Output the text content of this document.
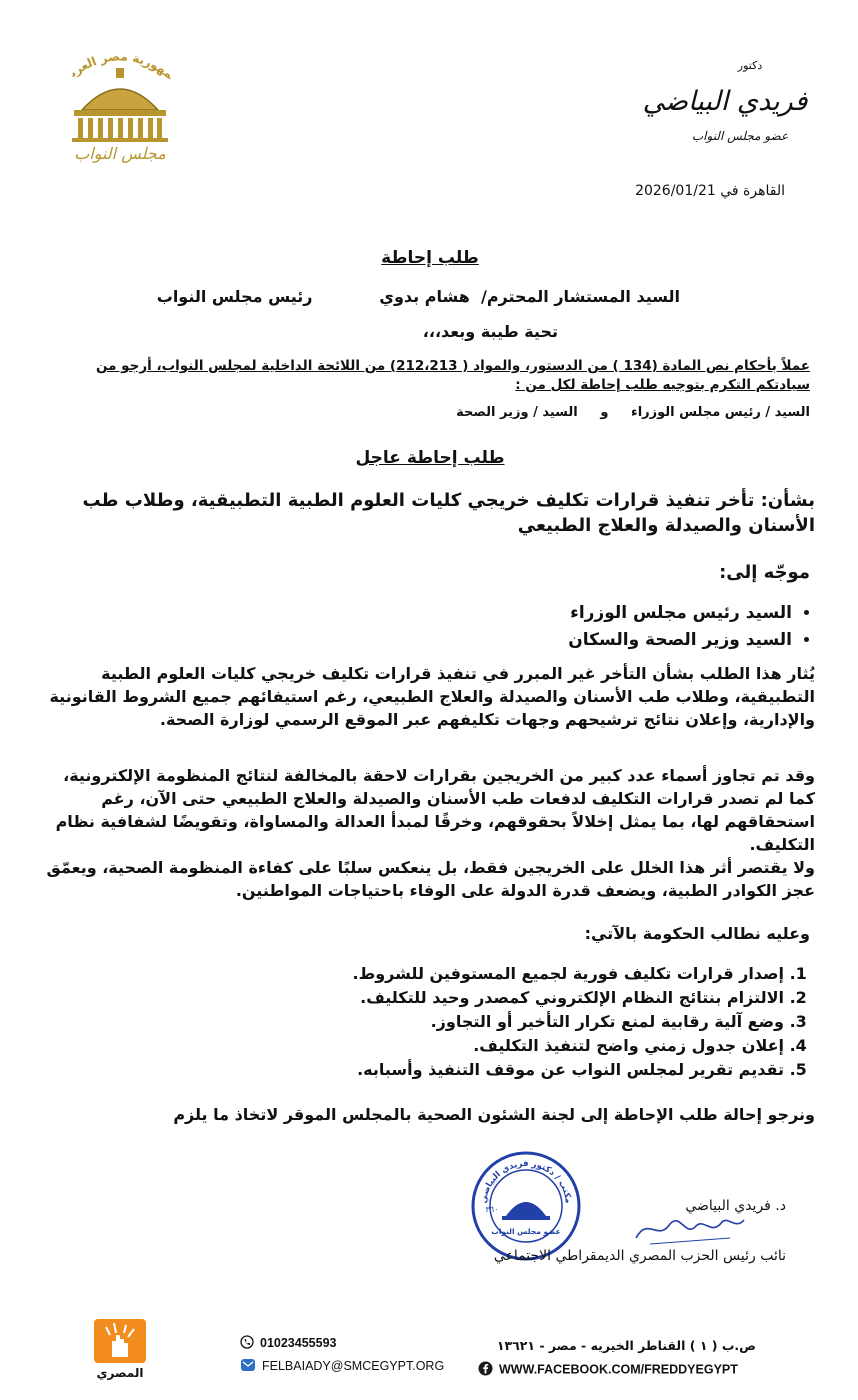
مهورية مصر العرب
مجلس النواب
دكتور
فريدي البياضي
عضو مجلس النواب
القاهرة في 2026/01/21
طلب إحاطة
السيد المستشار المحترم/  هشام بدوي            رئيس مجلس النواب
تحية طيبة وبعد،،،
عملاً بأحكام نص المادة (134 ) من الدستور، والمواد ( 212،213) من اللائحة الداخلية لمجلس النواب، أرجو من سيادتكم التكرم بتوجيه طلب إحاطة لكل من :
السيد / رئيس مجلس الوزراء     و     السيد / وزير الصحة
طلب إحاطة عاجل
بشأن: تأخر تنفيذ قرارات تكليف خريجي كليات العلوم الطبية التطبيقية، وطلاب طب الأسنان والصيدلة والعلاج الطبيعي
موجّه إلى:
• السيد رئيس مجلس الوزراء
• السيد وزير الصحة والسكان
يُثار هذا الطلب بشأن التأخر غير المبرر في تنفيذ قرارات تكليف خريجي كليات العلوم الطبية التطبيقية، وطلاب طب الأسنان والصيدلة والعلاج الطبيعي، رغم استيفائهم جميع الشروط القانونية والإدارية، وإعلان نتائج ترشيحهم وجهات تكليفهم عبر الموقع الرسمي لوزارة الصحة.
وقد تم تجاوز أسماء عدد كبير من الخريجين بقرارات لاحقة بالمخالفة لنتائج المنظومة الإلكترونية، كما لم تصدر قرارات التكليف لدفعات طب الأسنان والصيدلة والعلاج الطبيعي حتى الآن، رغم استحقاقهم لها، بما يمثل إخلالاً بحقوقهم، وخرقًا لمبدأ العدالة والمساواة، وتقويضًا لشفافية نظام التكليف.
ولا يقتصر أثر هذا الخلل على الخريجين فقط، بل ينعكس سلبًا على كفاءة المنظومة الصحية، ويعمّق عجز الكوادر الطبية، ويضعف قدرة الدولة على الوفاء باحتياجات المواطنين.
وعليه نطالب الحكومة بالآتي:
1. إصدار قرارات تكليف فورية لجميع المستوفين للشروط.
2. الالتزام بنتائج النظام الإلكتروني كمصدر وحيد للتكليف.
3. وضع آلية رقابية لمنع تكرار التأخير أو التجاوز.
4. إعلان جدول زمني واضح لتنفيذ التكليف.
5. تقديم تقرير لمجلس النواب عن موقف التنفيذ وأسبابه.
ونرجو إحالة طلب الإحاطة إلى لجنة الشئون الصحية بالمجلس الموقر لاتخاذ ما يلزم
مكتب / دكتور فريدي البياضي
عضو مجلس النواب
٣٦٠	د. فريدي البياضي
نائب رئيس الحزب المصري الديمقراطي الاجتماعي
المصري
01023455593
FELBAIADY@SMCEGYPT.ORG
ص.ب ( ١ ) القناطر الخيريه - مصر - ١٣٦٢١
WWW.FACEBOOK.COM/FREDDYEGYPT
